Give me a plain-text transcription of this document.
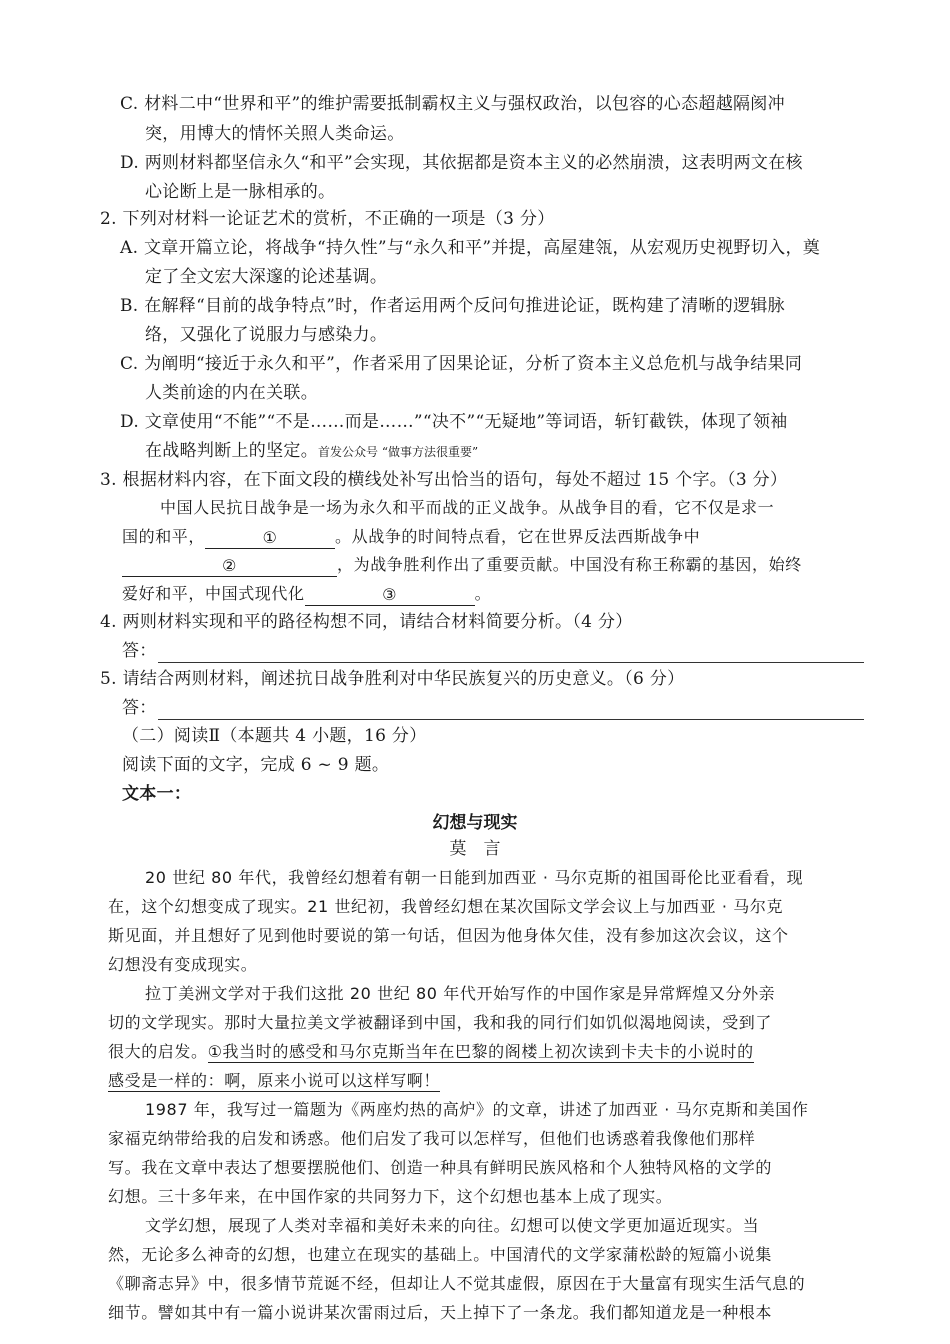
C. 材料二中“世界和平”的维护需要抵制霸权主义与强权政治，以包容的心态超越隔阂冲
突，用博大的情怀关照人类命运。
D. 两则材料都坚信永久“和平”会实现，其依据都是资本主义的必然崩溃，这表明两文在核
心论断上是一脉相承的。
2. 下列对材料一论证艺术的赏析，不正确的一项是（3 分）
A. 文章开篇立论，将战争“持久性”与“永久和平”并提，高屋建瓴，从宏观历史视野切入，奠
定了全文宏大深邃的论述基调。
B. 在解释“目前的战争特点”时，作者运用两个反问句推进论证，既构建了清晰的逻辑脉
络，又强化了说服力与感染力。
C. 为阐明“接近于永久和平”，作者采用了因果论证，分析了资本主义总危机与战争结果同
人类前途的内在关联。
D. 文章使用“不能”“不是……而是……”“决不”“无疑地”等词语，斩钉截铁，体现了领袖
在战略判断上的坚定。首发公众号 “做事方法很重要”
3. 根据材料内容，在下面文段的横线处补写出恰当的语句，每处不超过 15 个字。（3 分）
中国人民抗日战争是一场为永久和平而战的正义战争。从战争目的看，它不仅是求一
国的和平，	①	。从战争的时间特点看，它在世界反法西斯战争中
②	，为战争胜利作出了重要贡献。中国没有称王称霸的基因，始终
爱好和平，中国式现代化	③	。
4. 两则材料实现和平的路径构想不同，请结合材料简要分析。（4 分）
答：
5. 请结合两则材料，阐述抗日战争胜利对中华民族复兴的历史意义。（6 分）
答：
（二）阅读Ⅱ（本题共 4 小题，16 分）
阅读下面的文字，完成 6 ~ 9 题。
文本一：
幻想与现实
莫　言
20 世纪 80 年代，我曾经幻想着有朝一日能到加西亚 · 马尔克斯的祖国哥伦比亚看看，现
在，这个幻想变成了现实。21 世纪初，我曾经幻想在某次国际文学会议上与加西亚 · 马尔克
斯见面，并且想好了见到他时要说的第一句话，但因为他身体欠佳，没有参加这次会议，这个
幻想没有变成现实。
拉丁美洲文学对于我们这批 20 世纪 80 年代开始写作的中国作家是异常辉煌又分外亲
切的文学现实。那时大量拉美文学被翻译到中国，我和我的同行们如饥似渴地阅读，受到了
很大的启发。①我当时的感受和马尔克斯当年在巴黎的阁楼上初次读到卡夫卡的小说时的
感受是一样的：啊，原来小说可以这样写啊！
1987 年，我写过一篇题为《两座灼热的高炉》的文章，讲述了加西亚 · 马尔克斯和美国作
家福克纳带给我的启发和诱惑。他们启发了我可以怎样写，但他们也诱惑着我像他们那样
写。我在文章中表达了想要摆脱他们、创造一种具有鲜明民族风格和个人独特风格的文学的
幻想。三十多年来，在中国作家的共同努力下，这个幻想也基本上成了现实。
文学幻想，展现了人类对幸福和美好未来的向往。幻想可以使文学更加逼近现实。当
然，无论多么神奇的幻想，也建立在现实的基础上。中国清代的文学家蒲松龄的短篇小说集
《聊斋志异》中，很多情节荒诞不经，但却让人不觉其虚假，原因在于大量富有现实生活气息的
细节。譬如其中有一篇小说讲某次雷雨过后，天上掉下了一条龙。我们都知道龙是一种根本
